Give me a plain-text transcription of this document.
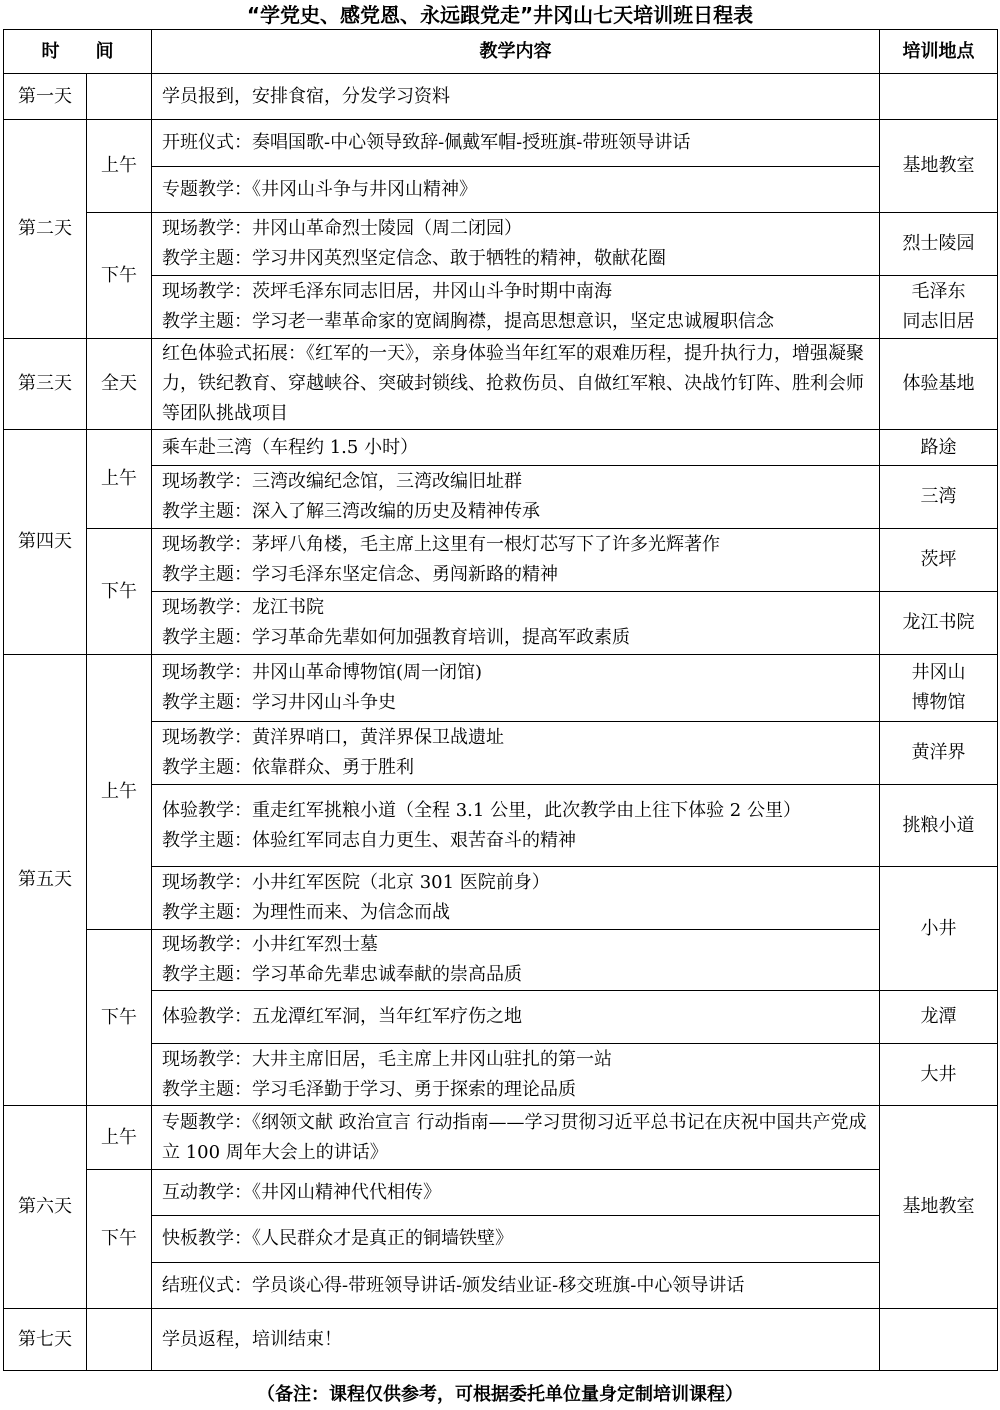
“学党史、感党恩、永远跟党走”井冈山七天培训班日程表
时　　间		教学内容	培训地点
第一天		学员报到，安排食宿，分发学习资料	

第二天	上午	开班仪式：奏唱国歌-中心领导致辞-佩戴军帽-授班旗-带班领导讲话	基地教室

		专题教学：《井冈山斗争与井冈山精神》	

	下午	现场教学：井冈山革命烈士陵园（周二闭园）
教学主题：学习井冈英烈坚定信念、敢于牺牲的精神，敬献花圈	烈士陵园

		现场教学：茨坪毛泽东同志旧居，井冈山斗争时期中南海
教学主题：学习老一辈革命家的宽阔胸襟，提高思想意识，坚定忠诚履职信念	毛泽东
同志旧居

第三天	全天	红色体验式拓展：《红军的一天》，亲身体验当年红军的艰难历程，提升执行力，增强凝聚力，铁纪教育、穿越峡谷、突破封锁线、抢救伤员、自做红军粮、决战竹钉阵、胜利会师等团队挑战项目	体验基地
第四天	上午	乘车赴三湾（车程约 1.5 小时）	路途

		现场教学：三湾改编纪念馆，三湾改编旧址群
教学主题：深入了解三湾改编的历史及精神传承	三湾
	下午	现场教学：茅坪八角楼，毛主席上这里有一根灯芯写下了许多光辉著作
教学主题：学习毛泽东坚定信念、勇闯新路的精神	茨坪

		现场教学：龙江书院
教学主题：学习革命先辈如何加强教育培训，提高军政素质	龙江书院
第五天	上午	现场教学：井冈山革命博物馆(周一闭馆)
教学主题：学习井冈山斗争史	井冈山
博物馆

		现场教学：黄洋界哨口，黄洋界保卫战遗址
教学主题：依靠群众、勇于胜利	黄洋界

		体验教学：重走红军挑粮小道（全程 3.1 公里，此次教学由上往下体验 2 公里）
教学主题：体验红军同志自力更生、艰苦奋斗的精神	挑粮小道

		现场教学：小井红军医院（北京 301 医院前身）
教学主题：为理性而来、为信念而战	小井
	下午	现场教学：小井红军烈士墓
教学主题：学习革命先辈忠诚奉献的崇高品质	

		体验教学：五龙潭红军洞，当年红军疗伤之地	龙潭

		现场教学：大井主席旧居，毛主席上井冈山驻扎的第一站
教学主题：学习毛泽勤于学习、勇于探索的理论品质	大井
第六天	上午	专题教学：《纲领文献 政治宣言 行动指南——学习贯彻习近平总书记在庆祝中国共产党成立 100 周年大会上的讲话》	基地教室
	下午	互动教学：《井冈山精神代代相传》	

		快板教学：《人民群众才是真正的铜墙铁壁》	

		结班仪式：学员谈心得-带班领导讲话-颁发结业证-移交班旗-中心领导讲话	

第七天		学员返程，培训结束！	

（备注：课程仅供参考，可根据委托单位量身定制培训课程）
